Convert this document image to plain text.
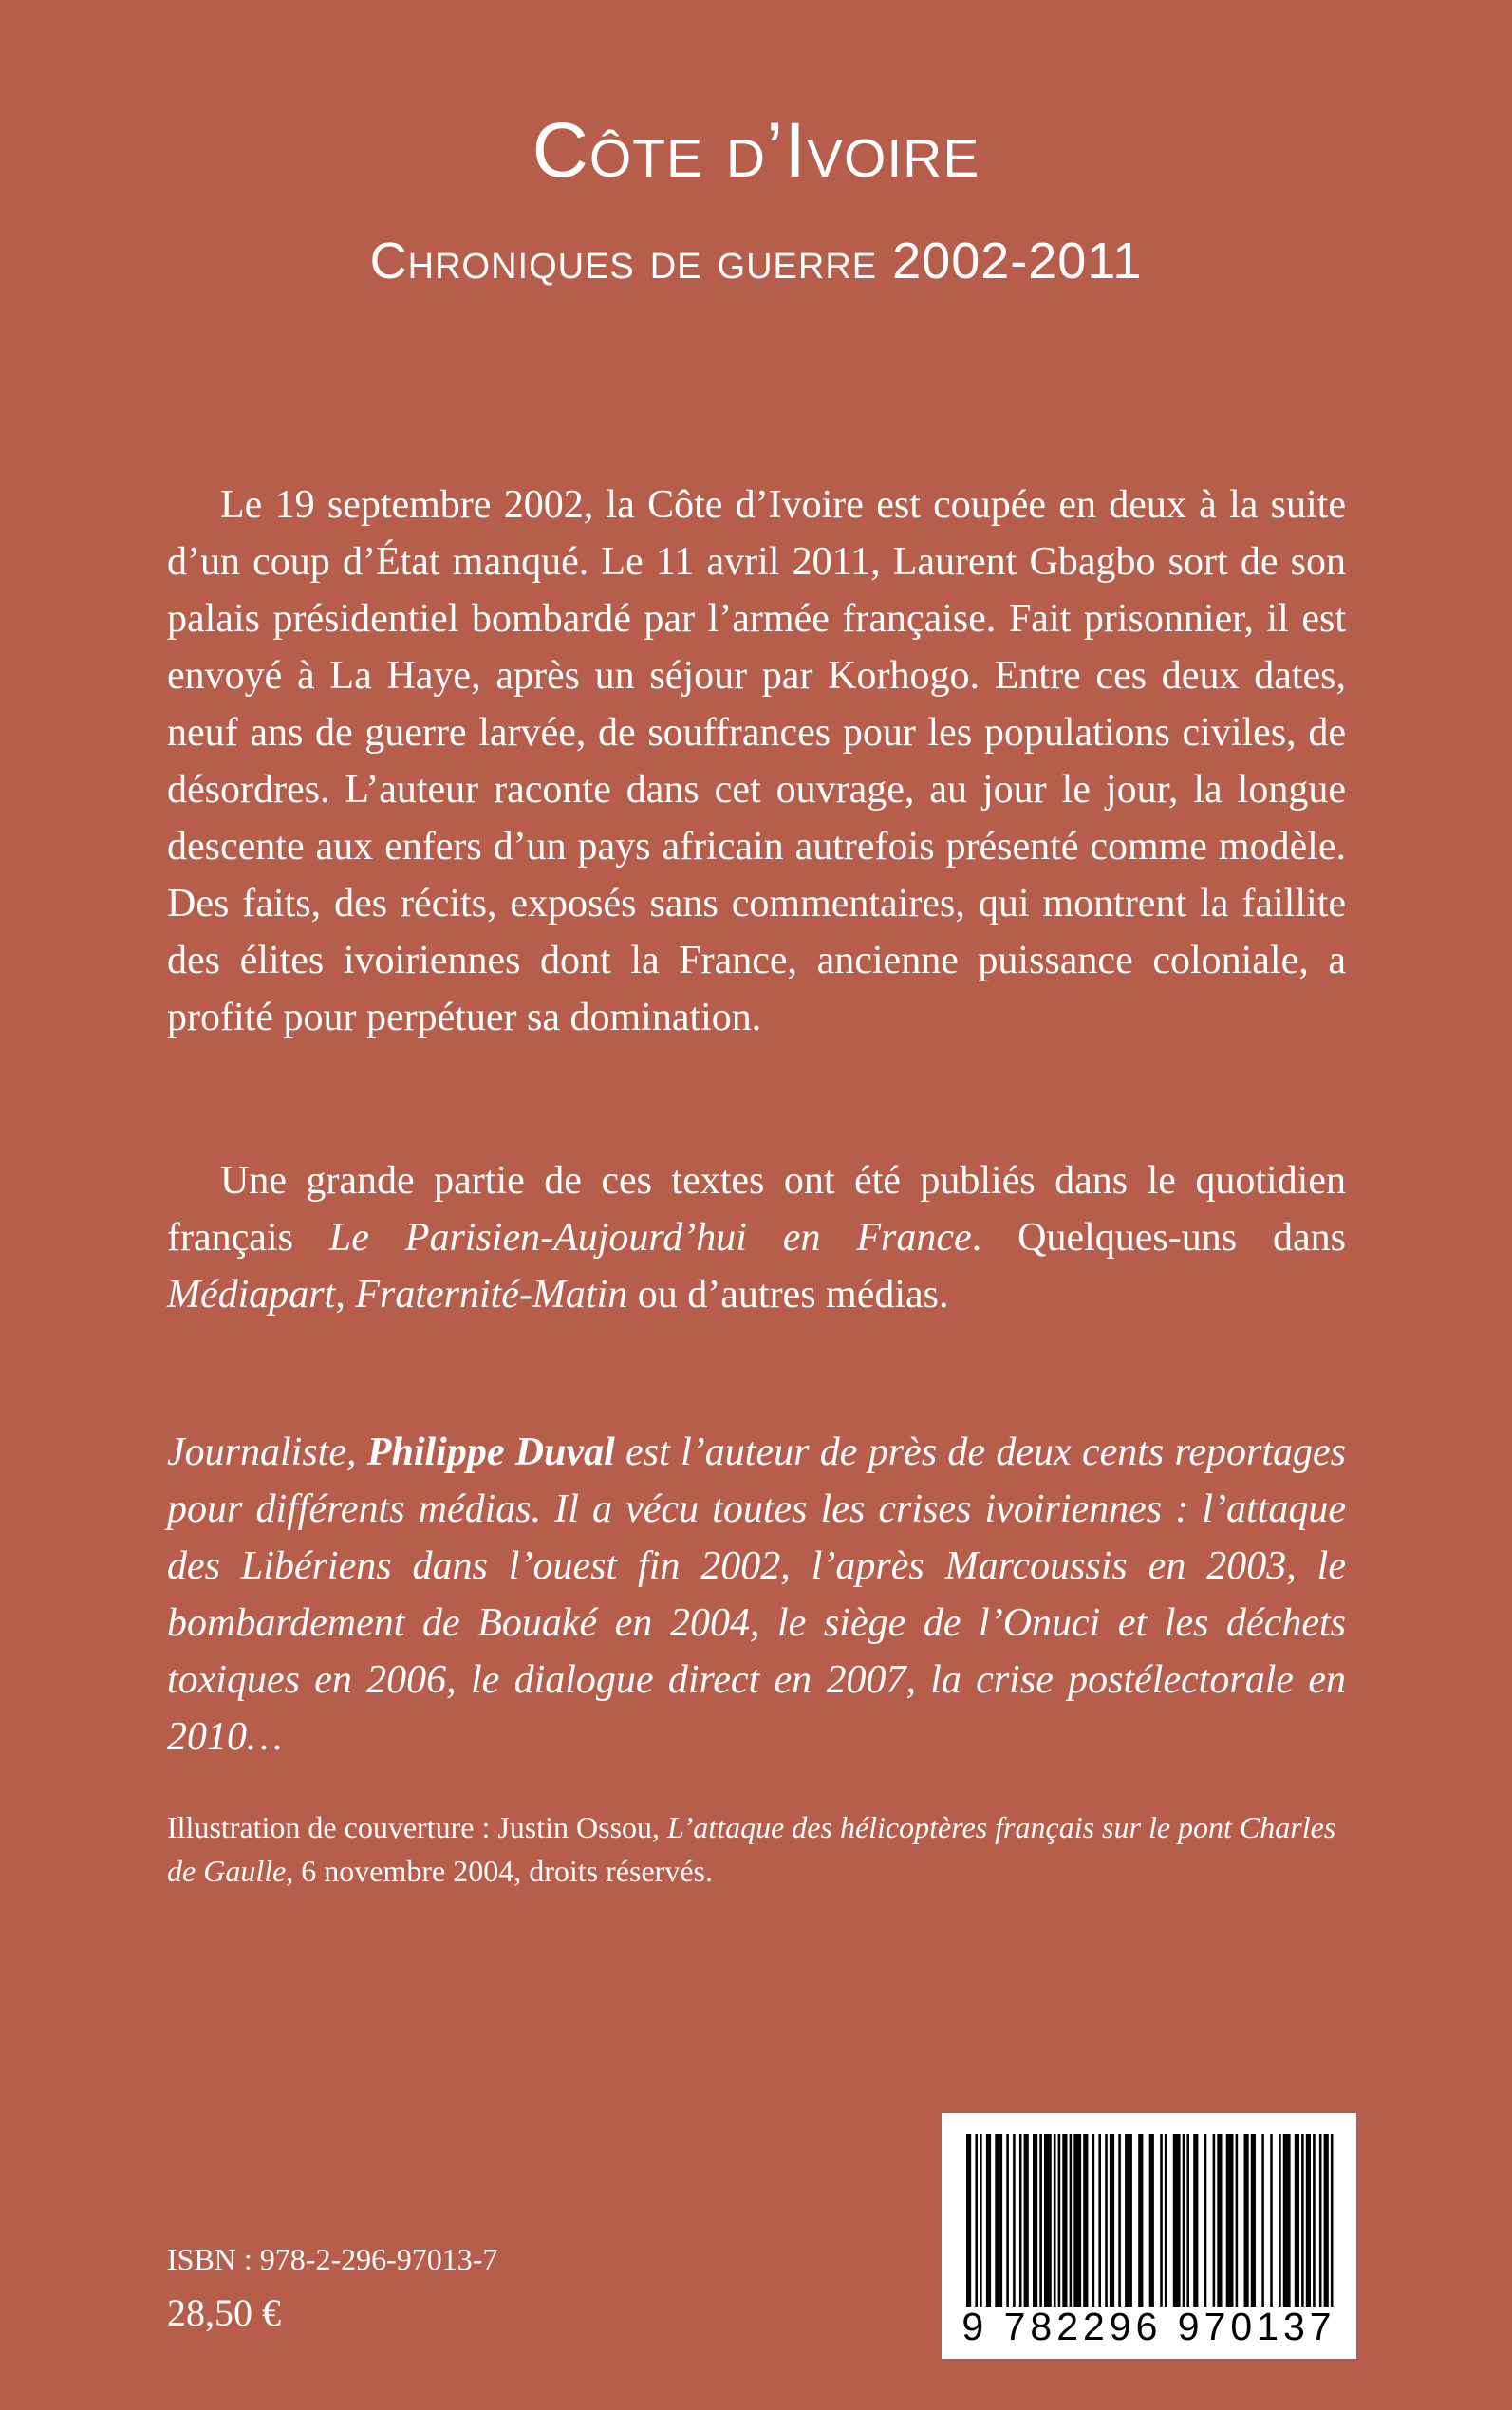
Côte d’Ivoire
Chroniques de guerre 2002-2011
Le 19 septembre 2002, la Côte d’Ivoire est coupée en deux à la suite d’un coup d’État manqué. Le 11 avril 2011, Laurent Gbagbo sort de son palais présidentiel bombardé par l’armée française. Fait prisonnier, il est envoyé à La Haye, après un séjour par Korhogo. Entre ces deux dates, neuf ans de guerre larvée, de souffrances pour les populations civiles, de désordres. L’auteur raconte dans cet ouvrage, au jour le jour, la longue descente aux enfers d’un pays africain autrefois présenté comme modèle. Des faits, des récits, exposés sans commentaires, qui montrent la faillite des élites ivoiriennes dont la France, ancienne puissance coloniale, a profité pour perpétuer sa domination.
Une grande partie de ces textes ont été publiés dans le quotidien français Le Parisien-Aujourd’hui en France. Quelques-uns dans Médiapart, Fraternité-Matin ou d’autres médias.
Journaliste, Philippe Duval est l’auteur de près de deux cents reportages pour différents médias. Il a vécu toutes les crises ivoiriennes : l’attaque des Libériens dans l’ouest fin 2002, l’après Marcoussis en 2003, le bombardement de Bouaké en 2004, le siège de l’Onuci et les déchets toxiques en 2006, le dialogue direct en 2007, la crise postélectorale en 2010…
Illustration de couverture : Justin Ossou, L’attaque des hélicoptères français sur le pont Charles de Gaulle, 6 novembre 2004, droits réservés.
ISBN : 978-2-296-97013-7
28,50 €	9 782296 970137
